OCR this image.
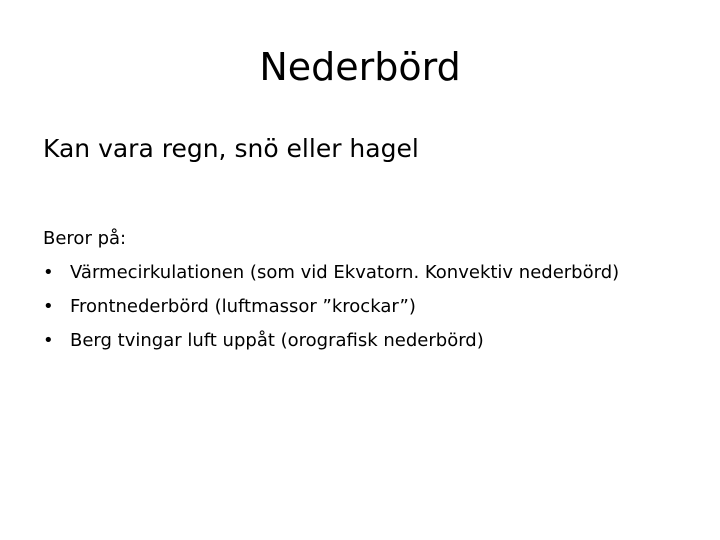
Nederbörd

Kan vara regn, snö eller hagel

Beror på:

• Värmecirkulationen (som vid Ekvatorn. Konvektiv nederbörd)
• Frontnederbörd (luftmassor ”krockar”)
• Berg tvingar luft uppåt (orografisk nederbörd)
